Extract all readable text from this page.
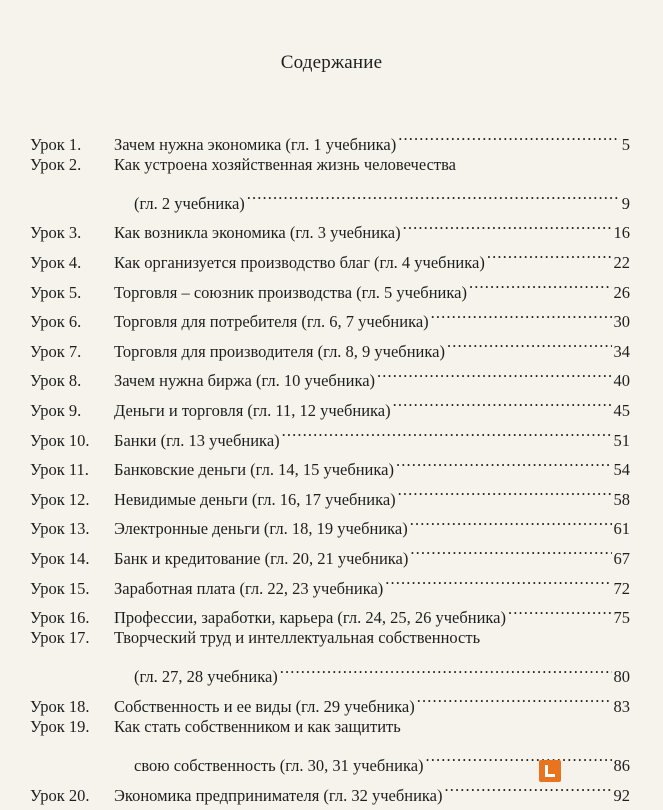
Содержание
Урок 1.	Зачем нужна экономика (гл. 1 учебника) . . .	5
Урок 2.	Как устроена хозяйственная жизнь человечества
(гл. 2 учебника) . . .	9
Урок 3.	Как возникла экономика (гл. 3 учебника) . . .	16
Урок 4.	Как организуется производство благ (гл. 4 учебника) . . .	22
Урок 5.	Торговля – союзник производства (гл. 5 учебника) . . .	26
Урок 6.	Торговля для потребителя (гл. 6, 7 учебника) . . .	30
Урок 7.	Торговля для производителя (гл. 8, 9 учебника) . . .	34
Урок 8.	Зачем нужна биржа (гл. 10 учебника) . . .	40
Урок 9.	Деньги и торговля (гл. 11, 12 учебника) . . .	45
Урок 10.	Банки (гл. 13 учебника) . . .	51
Урок 11.	Банковские деньги (гл. 14, 15 учебника) . . .	54
Урок 12.	Невидимые деньги (гл. 16, 17 учебника) . . .	58
Урок 13.	Электронные деньги (гл. 18, 19 учебника) . . .	61
Урок 14.	Банк и кредитование (гл. 20, 21 учебника) . . .	67
Урок 15.	Заработная плата (гл. 22, 23 учебника) . . .	72
Урок 16.	Профессии, заработки, карьера (гл. 24, 25, 26 учебника) . . .	75
Урок 17.	Творческий труд и интеллектуальная собственность
(гл. 27, 28 учебника) . . .	80
Урок 18.	Собственность и ее виды (гл. 29 учебника) . . .	83
Урок 19.	Как стать собственником и как защитить
свою собственность (гл. 30, 31 учебника) . . .	86
Урок 20.	Экономика предпринимателя (гл. 32 учебника) . . .	92
